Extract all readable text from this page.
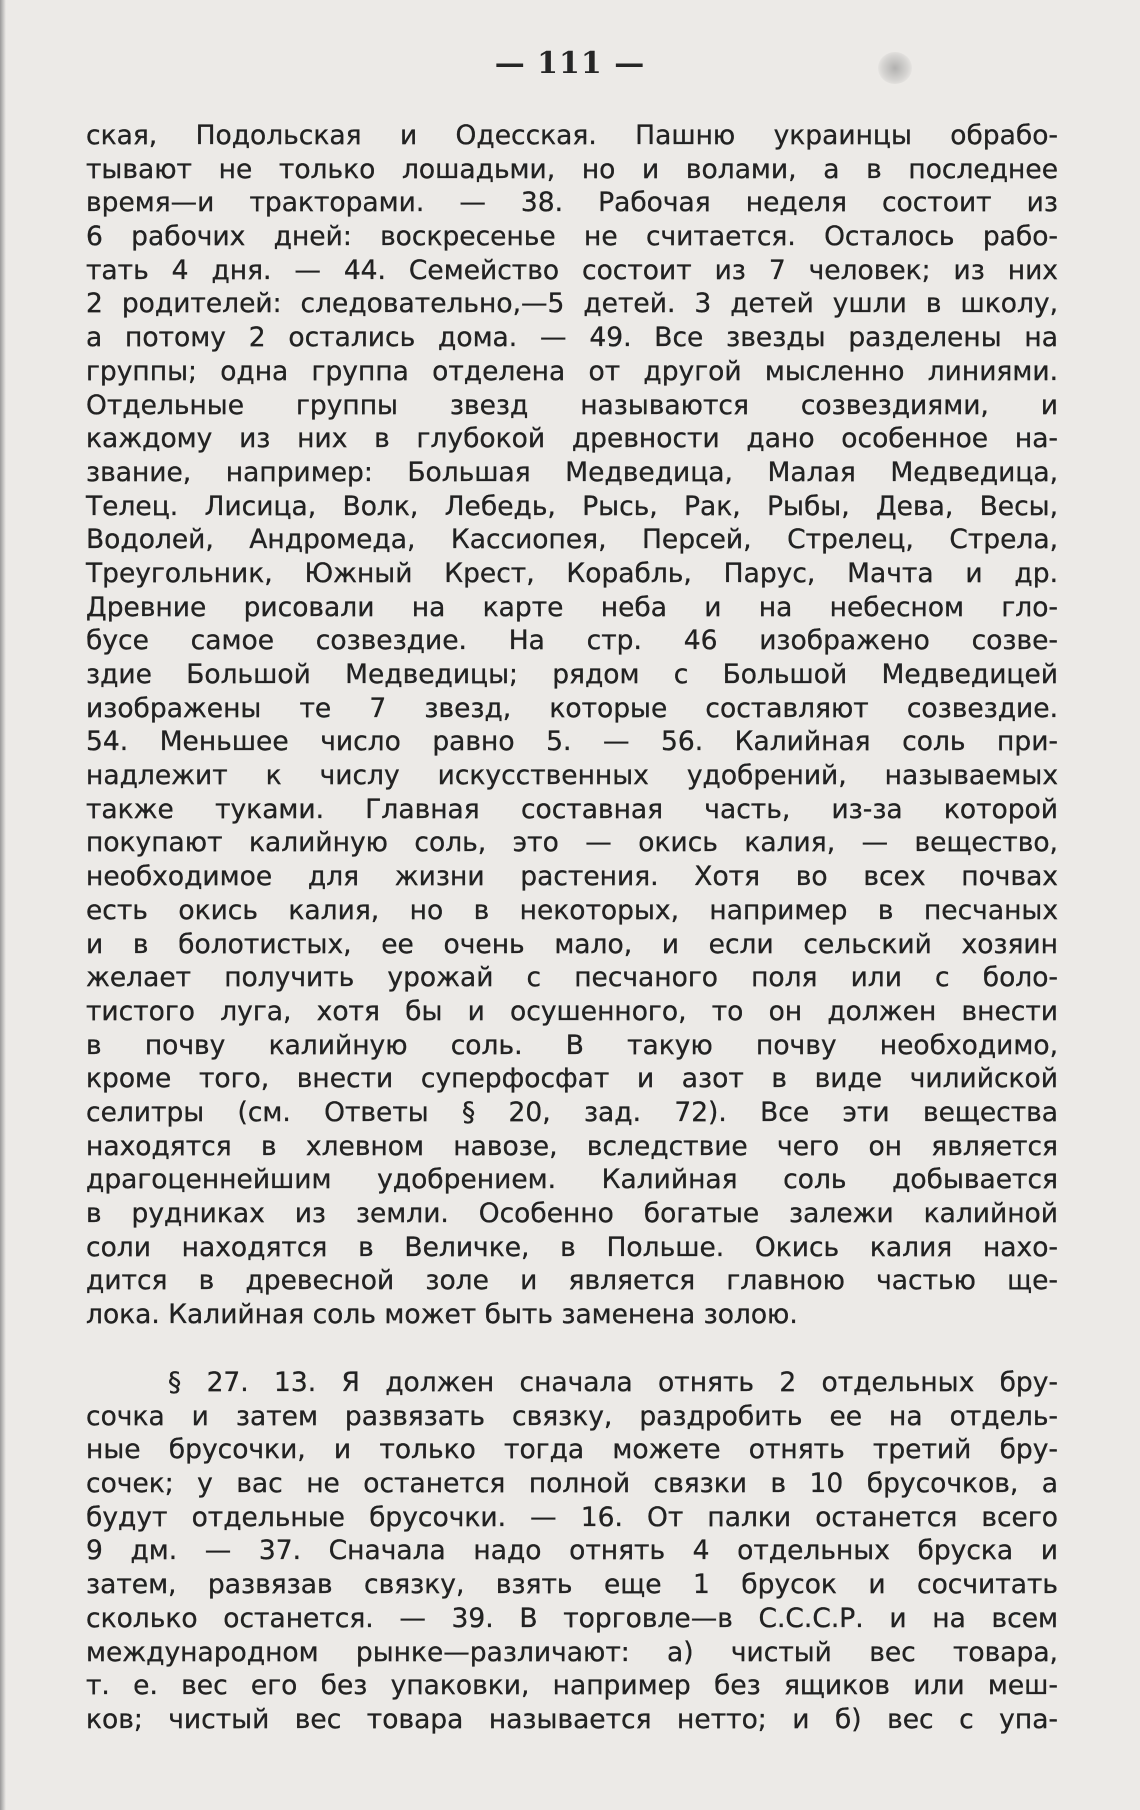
— 111 —
ская, Подольская и Одесская. Пашню украинцы обрабо-
тывают не только лошадьми, но и волами, а в последнее
время—и тракторами. — 38. Рабочая неделя состоит из
6 рабочих дней: воскресенье не считается. Осталось рабо-
тать 4 дня. — 44. Семейство состоит из 7 человек; из них
2 родителей: следовательно,—5 детей. 3 детей ушли в школу,
а потому 2 остались дома. — 49. Все звезды разделены на
группы; одна группа отделена от другой мысленно линиями.
Отдельные группы звезд называются созвездиями, и
каждому из них в глубокой древности дано особенное на-
звание, например: Большая Медведица, Малая Медведица,
Телец. Лисица, Волк, Лебедь, Рысь, Рак, Рыбы, Дева, Весы,
Водолей, Андромеда, Кассиопея, Персей, Стрелец, Стрела,
Треугольник, Южный Крест, Корабль, Парус, Мачта и др.
Древние рисовали на карте неба и на небесном гло-
бусе самое созвездие. На стр. 46 изображено созве-
здие Большой Медведицы; рядом с Большой Медведицей
изображены те 7 звезд, которые составляют созвездие.
54. Меньшее число равно 5. — 56. Калийная соль при-
надлежит к числу искусственных удобрений, называемых
также туками. Главная составная часть, из-за которой
покупают калийную соль, это — окись калия, — вещество,
необходимое для жизни растения. Хотя во всех почвах
есть окись калия, но в некоторых, например в песчаных
и в болотистых, ее очень мало, и если сельский хозяин
желает получить урожай с песчаного поля или с боло-
тистого луга, хотя бы и осушенного, то он должен внести
в почву калийную соль. В такую почву необходимо,
кроме того, внести суперфосфат и азот в виде чилийской
селитры (см. Ответы § 20, зад. 72). Все эти вещества
находятся в хлевном навозе, вследствие чего он является
драгоценнейшим удобрением. Калийная соль добывается
в рудниках из земли. Особенно богатые залежи калийной
соли находятся в Величке, в Польше. Окись калия нахо-
дится в древесной золе и является главною частью ще-
лока. Калийная соль может быть заменена золою.
§ 27. 13. Я должен сначала отнять 2 отдельных бру-
сочка и затем развязать связку, раздробить ее на отдель-
ные брусочки, и только тогда можете отнять третий бру-
сочек; у вас не останется полной связки в 10 брусочков, а
будут отдельные брусочки. — 16. От палки останется всего
9 дм. — 37. Сначала надо отнять 4 отдельных бруска и
затем, развязав связку, взять еще 1 брусок и сосчитать
сколько останется. — 39. В торговле—в С.С.С.Р. и на всем
международном рынке—различают: а) чистый вес товара,
т. е. вес его без упаковки, например без ящиков или меш-
ков; чистый вес товара называется нетто; и б) вес с упа-
